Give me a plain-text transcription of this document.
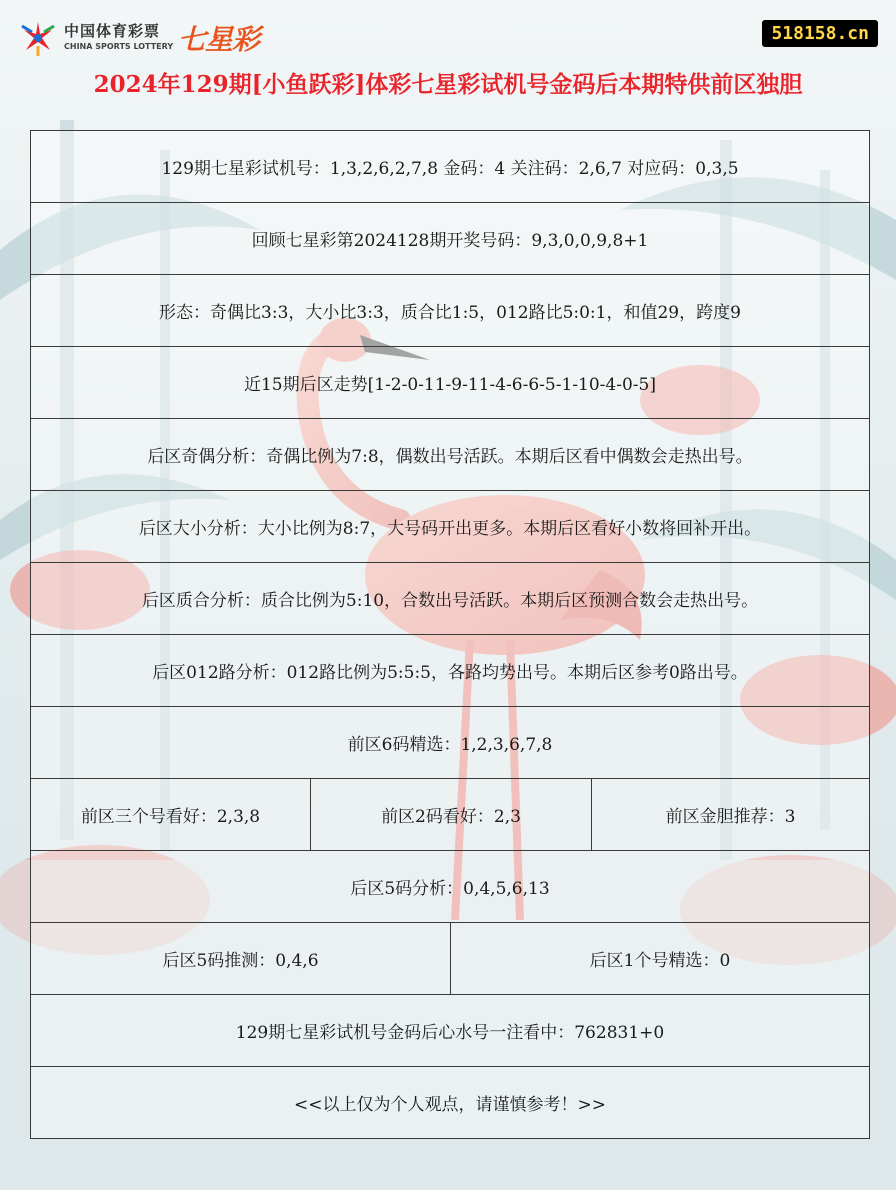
中国体育彩票
CHINA SPORTS LOTTERY 七星彩	518158.cn
2024年129期[小鱼跃彩]体彩七星彩试机号金码后本期特供前区独胆
129期七星彩试机号：1,3,2,6,2,7,8 金码：4 关注码：2,6,7 对应码：0,3,5
回顾七星彩第2024128期开奖号码：9,3,0,0,9,8+1
形态：奇偶比3:3，大小比3:3，质合比1:5，012路比5:0:1，和值29，跨度9
近15期后区走势[1-2-0-11-9-11-4-6-6-5-1-10-4-0-5]
后区奇偶分析：奇偶比例为7:8，偶数出号活跃。本期后区看中偶数会走热出号。
后区大小分析：大小比例为8:7，大号码开出更多。本期后区看好小数将回补开出。
后区质合分析：质合比例为5:10，合数出号活跃。本期后区预测合数会走热出号。
后区012路分析：012路比例为5:5:5，各路均势出号。本期后区参考0路出号。
前区6码精选：1,2,3,6,7,8
前区三个号看好：2,3,8	前区2码看好：2,3	前区金胆推荐：3
后区5码分析：0,4,5,6,13
后区5码推测：0,4,6	后区1个号精选：0
129期七星彩试机号金码后心水号一注看中：762831+0
<<以上仅为个人观点，请谨慎参考！>>
